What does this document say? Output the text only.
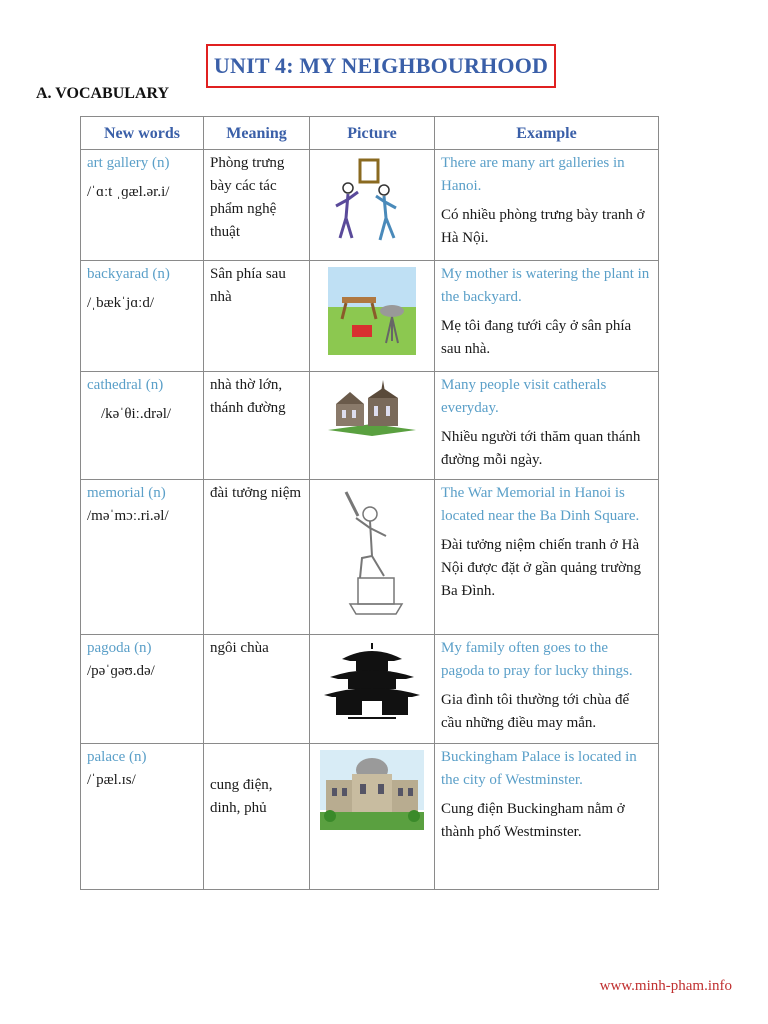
UNIT 4: MY NEIGHBOURHOOD
A. VOCABULARY
New words	Meaning	Picture	Example

art gallery (n)
/ˈɑːt ˌɡæl.ər.i/	Phòng trưng bày các tác phẩm nghệ thuật		There are many art galleries in Hanoi.
Có nhiều phòng trưng bày tranh ở Hà Nội.

backyarad (n)
/ˌbækˈjɑːd/	Sân phía sau nhà		My mother is watering the plant in the backyard.
Mẹ tôi đang tưới cây ở sân phía sau nhà.

cathedral (n)
/kəˈθiː.drəl/	nhà thờ lớn, thánh đường		Many people visit catherals everyday.
Nhiều người tới thăm quan thánh đường mỗi ngày.

memorial (n)
/məˈmɔː.ri.əl/	đài tưởng niệm		The War Memorial in Hanoi is located near the Ba Dinh Square.
Đài tưởng niệm chiến tranh ở Hà Nội được đặt ở gần quảng trường Ba Đình.

pagoda (n)
/pəˈɡəʊ.də/	ngôi chùa		My family often goes to the pagoda to pray for lucky things.
Gia đình tôi thường tới chùa để cầu những điều may mắn.

palace (n)
/ˈpæl.ɪs/	cung điện, dinh, phủ		Buckingham Palace is located in the city of Westminster.
Cung điện Buckingham nằm ở thành phố Westminster.
www.minh-pham.info
